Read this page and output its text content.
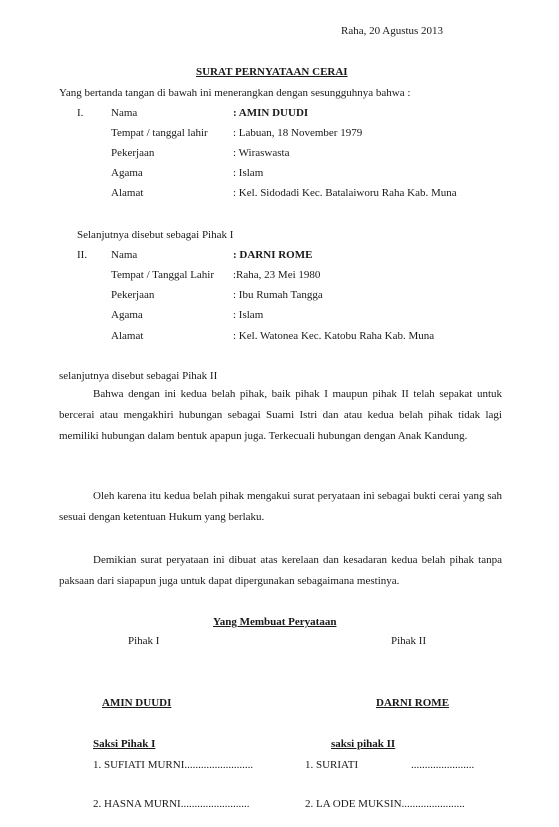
Raha, 20 Agustus 2013
SURAT PERNYATAAN CERAI
Yang bertanda tangan di bawah ini menerangkan dengan sesungguhnya bahwa :
I.	Nama	: AMIN DUUDI
Tempat / tanggal lahir : Labuan, 18 November 1979
Pekerjaan	: Wiraswasta
Agama	: Islam
Alamat	: Kel. Sidodadi Kec. Batalaiworu Raha Kab. Muna
Selanjutnya disebut sebagai Pihak I
II. Nama	: DARNI ROME
Tempat / Tanggal Lahir :Raha, 23 Mei 1980
Pekerjaan	: Ibu Rumah Tangga
Agama	: Islam
Alamat	: Kel. Watonea Kec. Katobu Raha Kab. Muna
selanjutnya disebut sebagai Pihak II
Bahwa dengan ini kedua belah pihak, baik pihak I maupun pihak II telah sepakat untuk bercerai atau mengakhiri hubungan sebagai Suami Istri dan atau kedua belah pihak tidak lagi memiliki hubungan dalam bentuk apapun juga. Terkecuali hubungan dengan Anak Kandung.
Oleh karena itu kedua belah pihak mengakui surat peryataan ini sebagai bukti cerai yang sah sesuai dengan ketentuan Hukum yang berlaku.
Demikian surat peryataan ini dibuat atas kerelaan dan kesadaran kedua belah pihak tanpa paksaan dari siapapun juga untuk dapat dipergunakan sebagaimana mestinya.
Yang Membuat Peryataan
Pihak I	Pihak II
AMIN DUUDI	DARNI ROME
Saksi Pihak I	saksi pihak II
1. SUFIATI MURNI.........................	1. SURIATI	.......................
2. HASNA MURNI.........................	2. LA ODE MUKSIN.......................
